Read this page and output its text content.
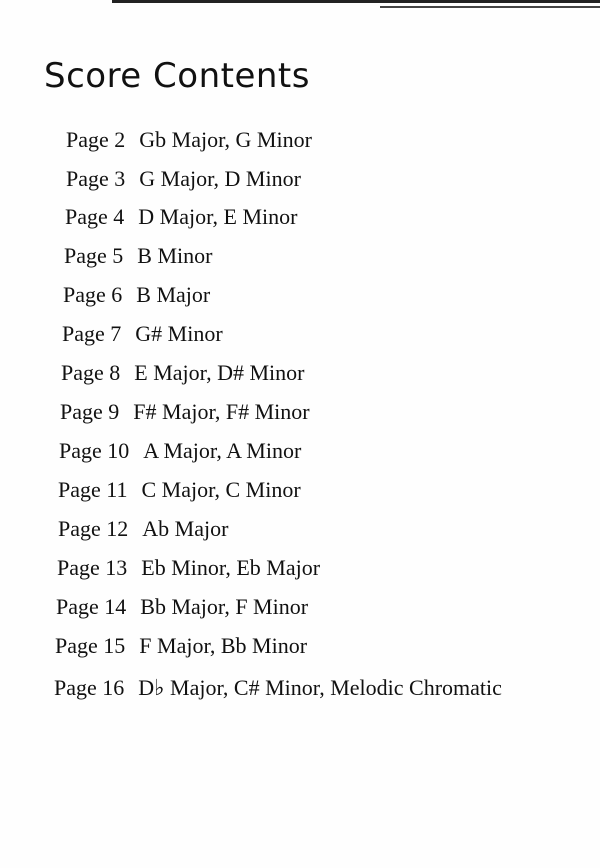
Score Contents
Page 2 Gb Major, G Minor
Page 3 G Major, D Minor
Page 4 D Major, E Minor
Page 5 B Minor
Page 6 B Major
Page 7 G# Minor
Page 8 E Major, D# Minor
Page 9 F# Major, F# Minor
Page 10 A Major, A Minor
Page 11 C Major, C Minor
Page 12 Ab Major
Page 13 Eb Minor, Eb Major
Page 14 Bb Major, F Minor
Page 15 F Major, Bb Minor
Page 16 D♭ Major, C# Minor, Melodic Chromatic
